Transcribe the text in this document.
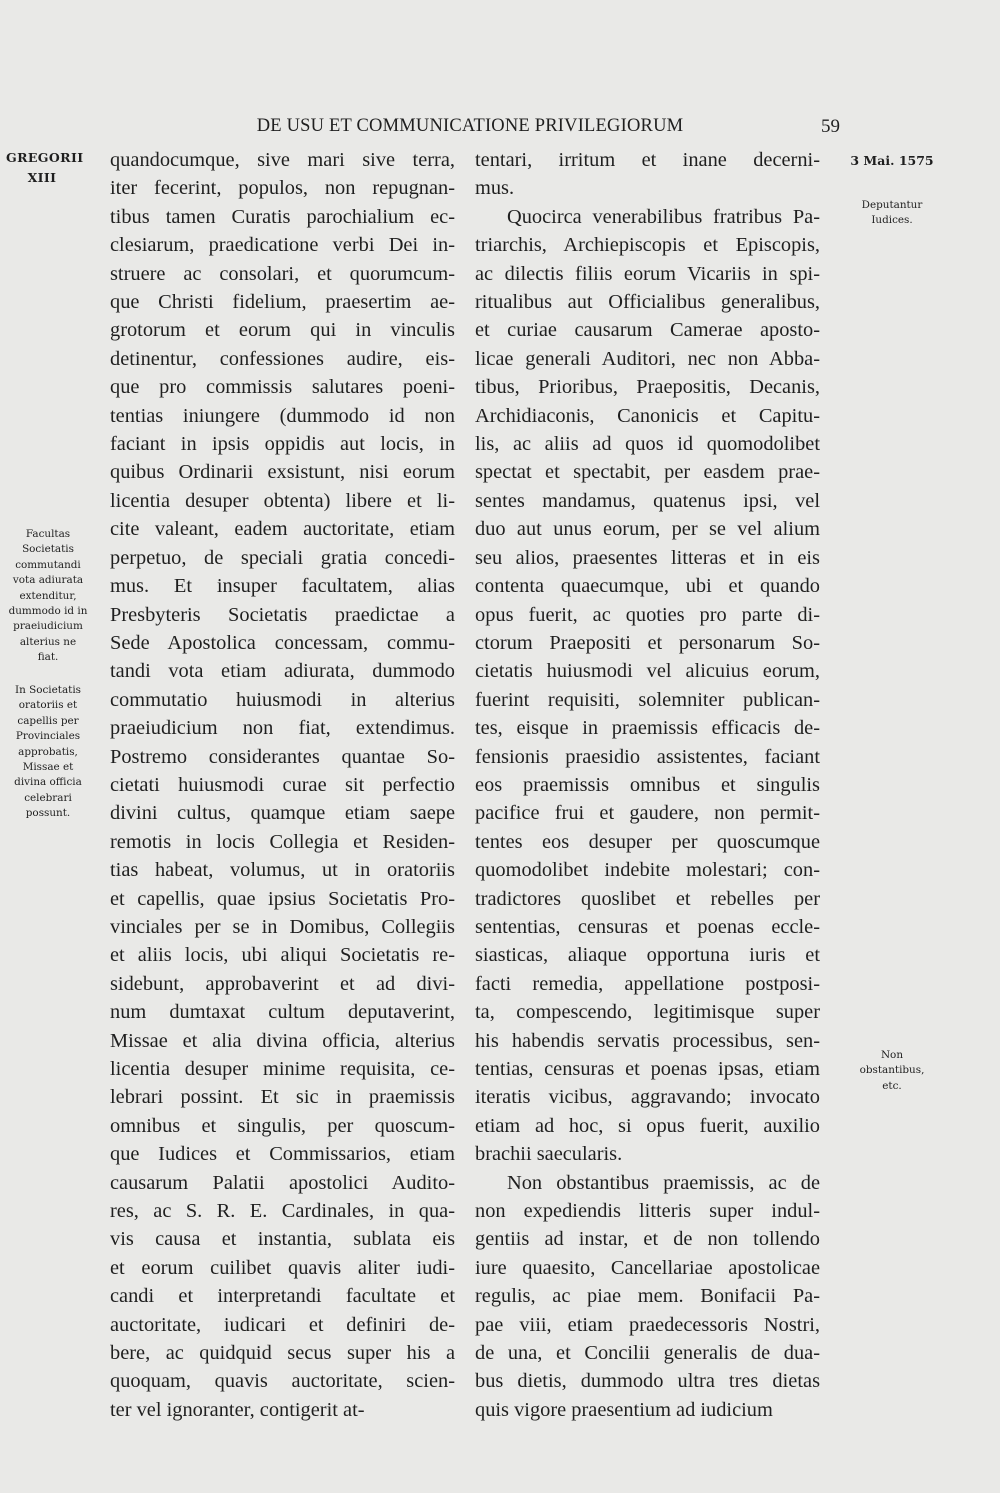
DE USU ET COMMUNICATIONE PRIVILEGIORUM	59
GREGORII
XIII
3 Mai. 1575
Deputantur
Iudices.
Facultas
Societatis
commutandi
vota adiurata
extenditur,
dummodo id in
praeiudicium
alterius ne
fiat.
In Societatis
oratoriis et
capellis per
Provinciales
approbatis,
Missae et
divina officia
celebrari
possunt.
Non
obstantibus,
etc.
quandocumque, sive mari sive terra,
iter fecerint, populos, non repugnan-
tibus tamen Curatis parochialium ec-
clesiarum, praedicatione verbi Dei in-
struere ac consolari, et quorumcum-
que Christi fidelium, praesertim ae-
grotorum et eorum qui in vinculis
detinentur, confessiones audire, eis-
que pro commissis salutares poeni-
tentias iniungere (dummodo id non
faciant in ipsis oppidis aut locis, in
quibus Ordinarii exsistunt, nisi eorum
licentia desuper obtenta) libere et li-
cite valeant, eadem auctoritate, etiam
perpetuo, de speciali gratia concedi-
mus. Et insuper facultatem, alias
Presbyteris Societatis praedictae a
Sede Apostolica concessam, commu-
tandi vota etiam adiurata, dummodo
commutatio huiusmodi in alterius
praeiudicium non fiat, extendimus.
Postremo considerantes quantae So-
cietati huiusmodi curae sit perfectio
divini cultus, quamque etiam saepe
remotis in locis Collegia et Residen-
tias habeat, volumus, ut in oratoriis
et capellis, quae ipsius Societatis Pro-
vinciales per se in Domibus, Collegiis
et aliis locis, ubi aliqui Societatis re-
sidebunt, approbaverint et ad divi-
num dumtaxat cultum deputaverint,
Missae et alia divina officia, alterius
licentia desuper minime requisita, ce-
lebrari possint. Et sic in praemissis
omnibus et singulis, per quoscum-
que Iudices et Commissarios, etiam
causarum Palatii apostolici Audito-
res, ac S. R. E. Cardinales, in qua-
vis causa et instantia, sublata eis
et eorum cuilibet quavis aliter iudi-
candi et interpretandi facultate et
auctoritate, iudicari et definiri de-
bere, ac quidquid secus super his a
quoquam, quavis auctoritate, scien-
ter vel ignoranter, contigerit at-
tentari, irritum et inane decerni-
mus.
Quocirca venerabilibus fratribus Pa-
triarchis, Archiepiscopis et Episcopis,
ac dilectis filiis eorum Vicariis in spi-
ritualibus aut Officialibus generalibus,
et curiae causarum Camerae aposto-
licae generali Auditori, nec non Abba-
tibus, Prioribus, Praepositis, Decanis,
Archidiaconis, Canonicis et Capitu-
lis, ac aliis ad quos id quomodolibet
spectat et spectabit, per easdem prae-
sentes mandamus, quatenus ipsi, vel
duo aut unus eorum, per se vel alium
seu alios, praesentes litteras et in eis
contenta quaecumque, ubi et quando
opus fuerit, ac quoties pro parte di-
ctorum Praepositi et personarum So-
cietatis huiusmodi vel alicuius eorum,
fuerint requisiti, solemniter publican-
tes, eisque in praemissis efficacis de-
fensionis praesidio assistentes, faciant
eos praemissis omnibus et singulis
pacifice frui et gaudere, non permit-
tentes eos desuper per quoscumque
quomodolibet indebite molestari; con-
tradictores quoslibet et rebelles per
sententias, censuras et poenas eccle-
siasticas, aliaque opportuna iuris et
facti remedia, appellatione postposi-
ta, compescendo, legitimisque super
his habendis servatis processibus, sen-
tentias, censuras et poenas ipsas, etiam
iteratis vicibus, aggravando; invocato
etiam ad hoc, si opus fuerit, auxilio
brachii saecularis.
Non obstantibus praemissis, ac de
non expediendis litteris super indul-
gentiis ad instar, et de non tollendo
iure quaesito, Cancellariae apostolicae
regulis, ac piae mem. Bonifacii Pa-
pae viii, etiam praedecessoris Nostri,
de una, et Concilii generalis de dua-
bus dietis, dummodo ultra tres dietas
quis vigore praesentium ad iudicium
